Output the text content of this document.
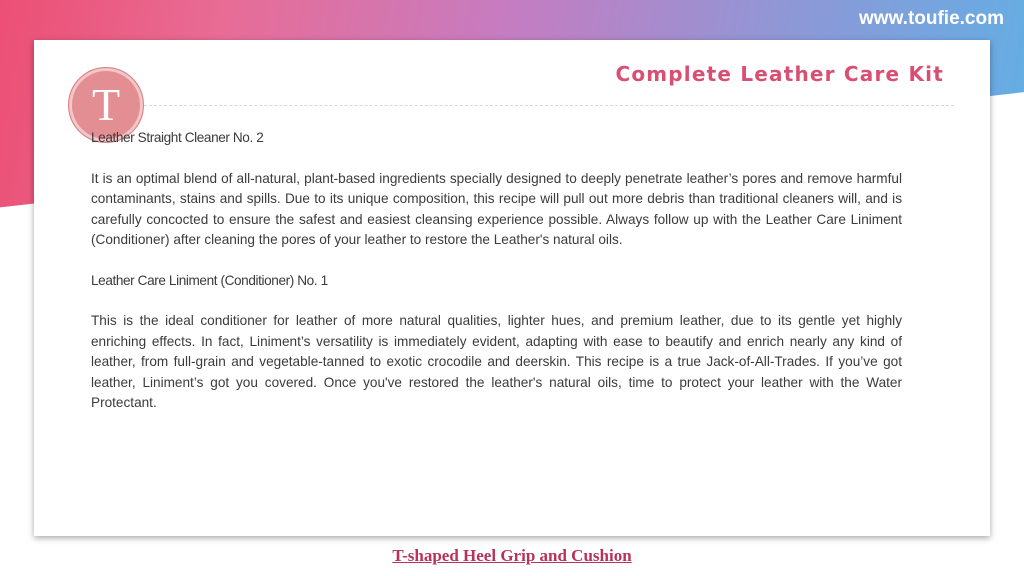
www.toufie.com
T
Complete Leather Care Kit

Leather Straight Cleaner No. 2

It is an optimal blend of all-natural, plant-based ingredients specially designed to deeply penetrate leather’s pores and remove harmful contaminants, stains and spills. Due to its unique composition, this recipe will pull out more debris than traditional cleaners will, and is carefully concocted to ensure the safest and easiest cleansing experience possible. Always follow up with the Leather Care Liniment (Conditioner) after cleaning the pores of your leather to restore the Leather's natural oils.

Leather Care Liniment (Conditioner) No. 1

This is the ideal conditioner for leather of more natural qualities, lighter hues, and premium leather, due to its gentle yet highly enriching effects. In fact, Liniment’s versatility is immediately evident, adapting with ease to beautify and enrich nearly any kind of leather, from full-grain and vegetable-tanned to exotic crocodile and deerskin. This recipe is a true Jack-of-All-Trades. If you’ve got leather, Liniment’s got you covered. Once you've restored the leather's natural oils, time to protect your leather with the Water Protectant.

T-shaped Heel Grip and Cushion
